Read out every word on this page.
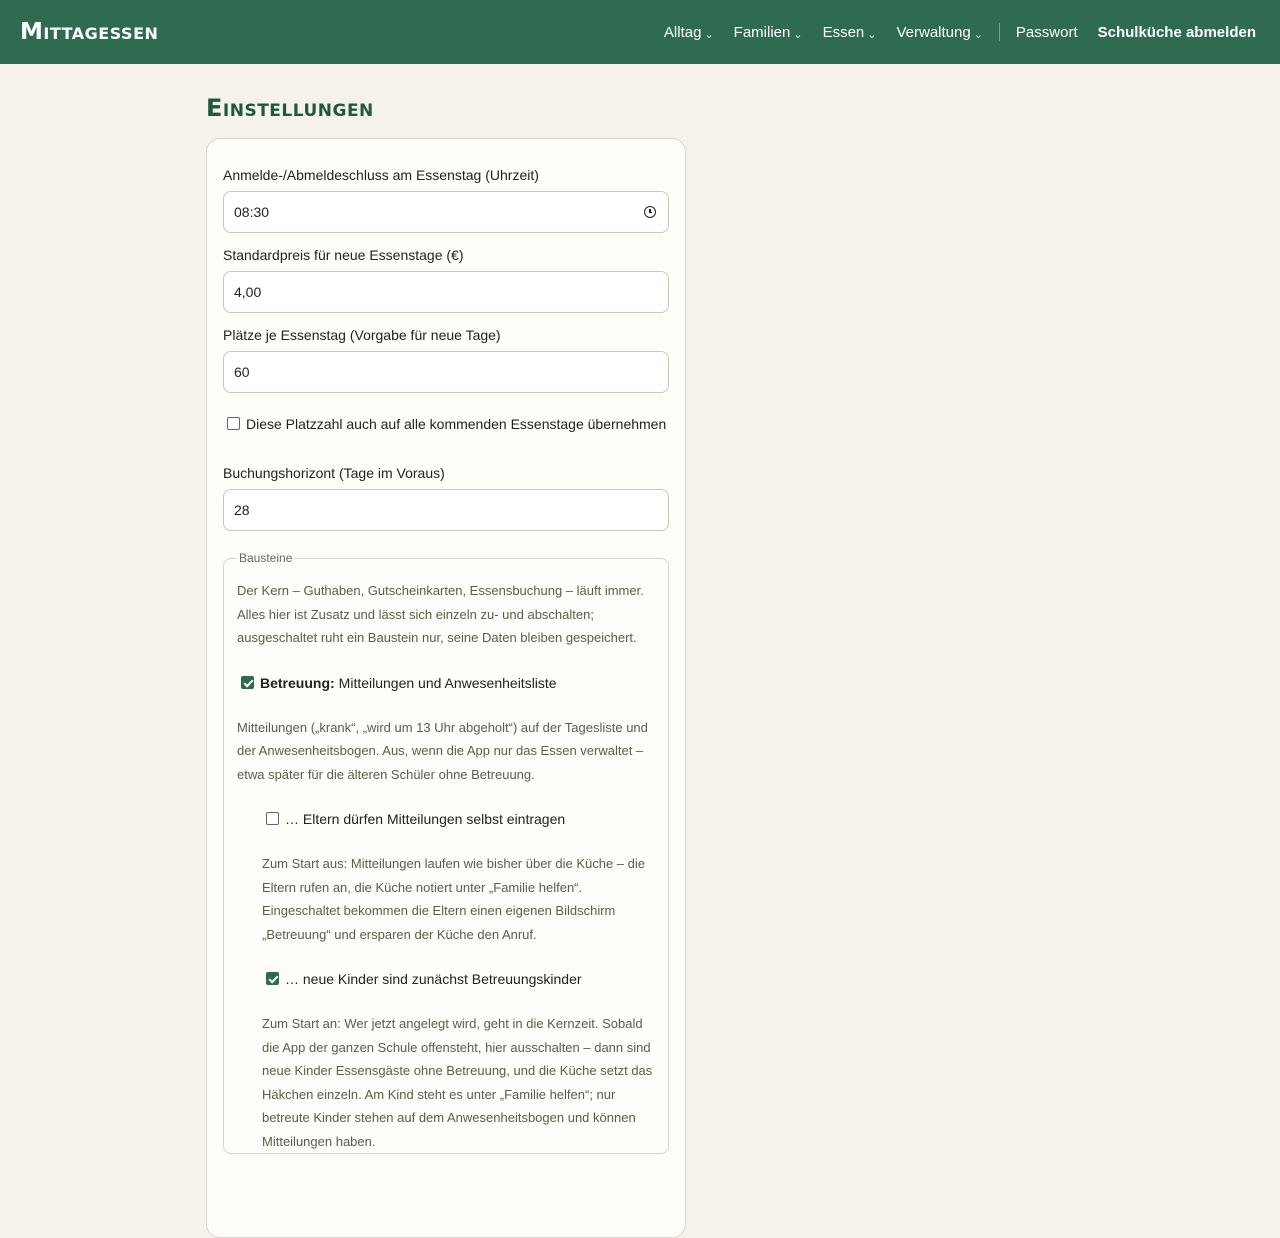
Mittagessen	Alltag ⌄ Familien ⌄ Essen ⌄ Verwaltung ⌄ Passwort Schulküche abmelden
Einstellungen
Anmelde-/Abmeldeschluss am Essenstag (Uhrzeit)
08:30
Standardpreis für neue Essenstage (€)
4,00
Plätze je Essenstag (Vorgabe für neue Tage)
60
Diese Platzzahl auch auf alle kommenden Essenstage übernehmen
Buchungshorizont (Tage im Voraus)
28
Bausteine

Der Kern – Guthaben, Gutscheinkarten, Essensbuchung – läuft immer. Alles hier ist Zusatz und lässt sich einzeln zu- und abschalten; ausgeschaltet ruht ein Baustein nur, seine Daten bleiben gespeichert.

Betreuung: Mitteilungen und Anwesenheitsliste

Mitteilungen („krank“, „wird um 13 Uhr abgeholt“) auf der Tagesliste und der Anwesenheitsbogen. Aus, wenn die App nur das Essen verwaltet – etwa später für die älteren Schüler ohne Betreuung.

… Eltern dürfen Mitteilungen selbst eintragen

Zum Start aus: Mitteilungen laufen wie bisher über die Küche – die Eltern rufen an, die Küche notiert unter „Familie helfen“. Eingeschaltet bekommen die Eltern einen eigenen Bildschirm „Betreuung“ und ersparen der Küche den Anruf.

… neue Kinder sind zunächst Betreuungskinder

Zum Start an: Wer jetzt angelegt wird, geht in die Kernzeit. Sobald die App der ganzen Schule offensteht, hier ausschalten – dann sind neue Kinder Essensgäste ohne Betreuung, und die Küche setzt das Häkchen einzeln. Am Kind steht es unter „Familie helfen“; nur betreute Kinder stehen auf dem Anwesenheitsbogen und können Mitteilungen haben.
